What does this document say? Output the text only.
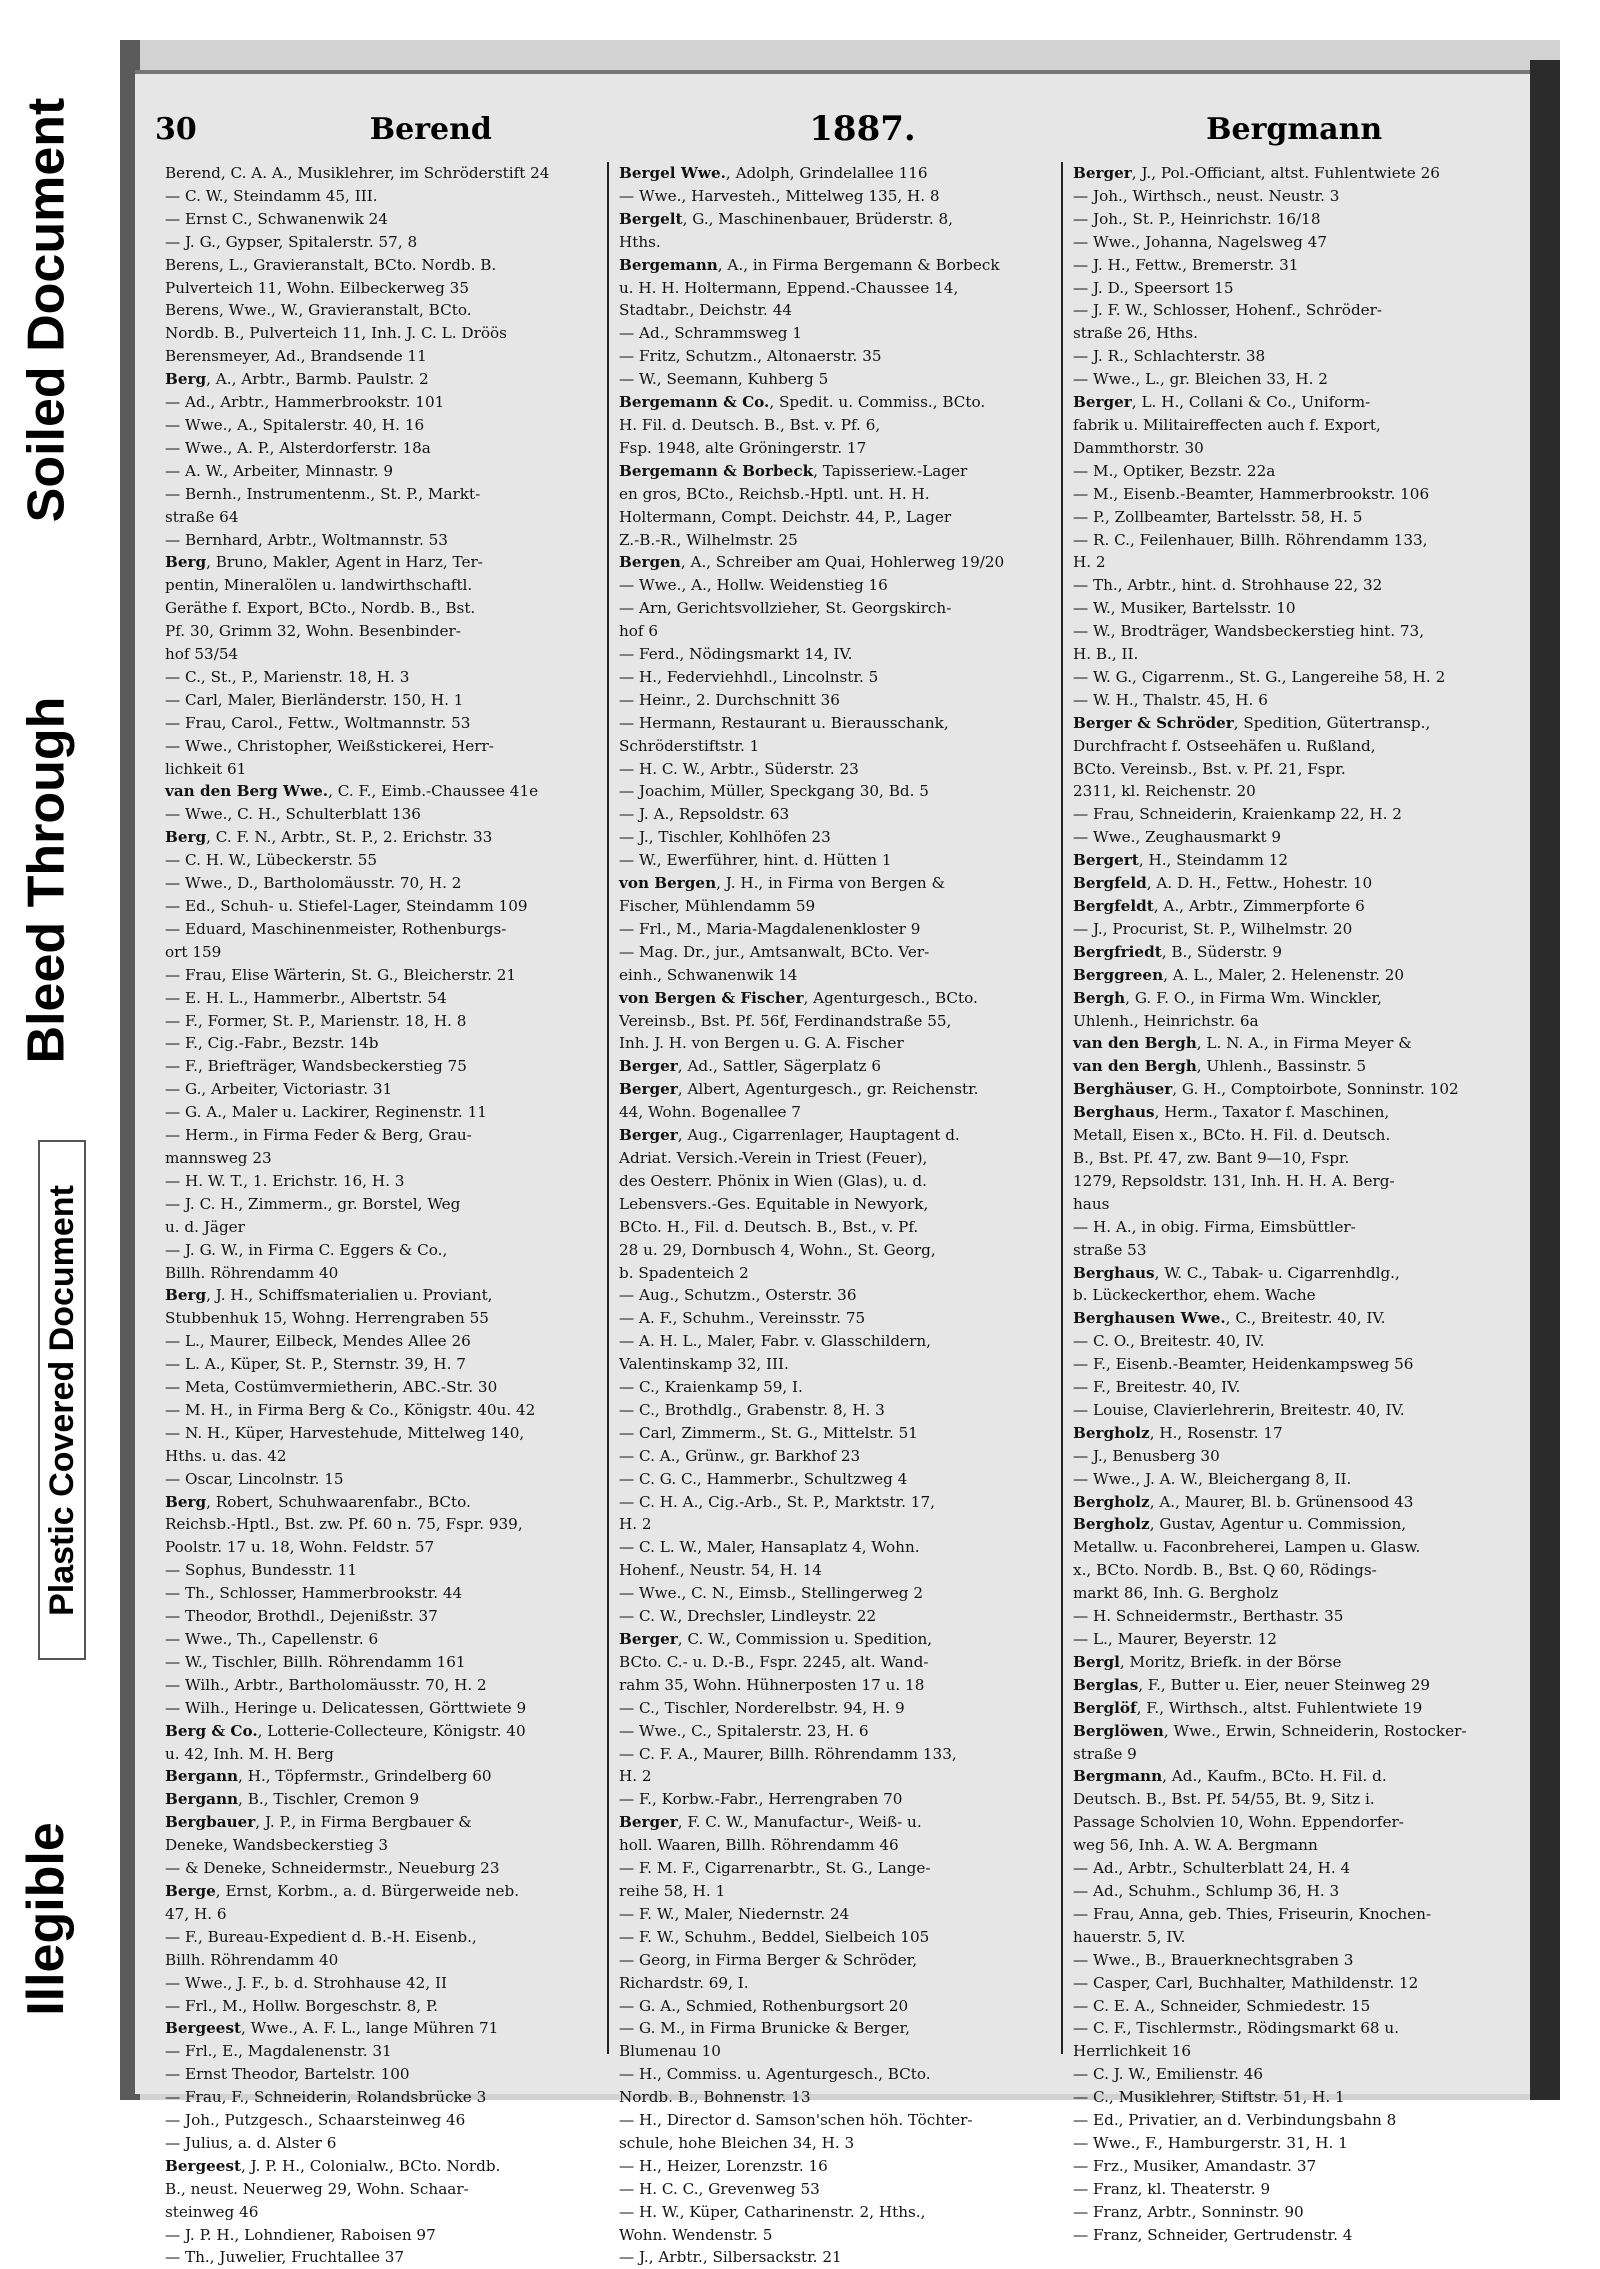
Soiled Document
Bleed Through
Plastic Covered Document
Illegible
30	Berend	1887.	Bergmann
Berend, C. A. A., Musiklehrer, im Schröderstift 24
— C. W., Steindamm 45, III.
— Ernst C., Schwanenwik 24
— J. G., Gypser, Spitalerstr. 57, 8
Berens, L., Gravieranstalt, BCto. Nordb. B.
Pulverteich 11, Wohn. Eilbeckerweg 35
Berens, Wwe., W., Gravieranstalt, BCto.
Nordb. B., Pulverteich 11, Inh. J. C. L. Dröös
Berensmeyer, Ad., Brandsende 11
Berg, A., Arbtr., Barmb. Paulstr. 2
— Ad., Arbtr., Hammerbrookstr. 101
— Wwe., A., Spitalerstr. 40, H. 16
— Wwe., A. P., Alsterdorferstr. 18a
— A. W., Arbeiter, Minnastr. 9
— Bernh., Instrumentenm., St. P., Markt-
straße 64
— Bernhard, Arbtr., Woltmannstr. 53
Berg, Bruno, Makler, Agent in Harz, Ter-
pentin, Mineralölen u. landwirthschaftl.
Geräthe f. Export, BCto., Nordb. B., Bst.
Pf. 30, Grimm 32, Wohn. Besenbinder-
hof 53/54
— C., St., P., Marienstr. 18, H. 3
— Carl, Maler, Bierländerstr. 150, H. 1
— Frau, Carol., Fettw., Woltmannstr. 53
— Wwe., Christopher, Weißstickerei, Herr-
lichkeit 61
van den Berg Wwe., C. F., Eimb.-Chaussee 41e
— Wwe., C. H., Schulterblatt 136
Berg, C. F. N., Arbtr., St. P., 2. Erichstr. 33
— C. H. W., Lübeckerstr. 55
— Wwe., D., Bartholomäusstr. 70, H. 2
— Ed., Schuh- u. Stiefel-Lager, Steindamm 109
— Eduard, Maschinenmeister, Rothenburgs-
ort 159
— Frau, Elise Wärterin, St. G., Bleicherstr. 21
— E. H. L., Hammerbr., Albertstr. 54
— F., Former, St. P., Marienstr. 18, H. 8
— F., Cig.-Fabr., Bezstr. 14b
— F., Briefträger, Wandsbeckerstieg 75
— G., Arbeiter, Victoriastr. 31
— G. A., Maler u. Lackirer, Reginenstr. 11
— Herm., in Firma Feder & Berg, Grau-
mannsweg 23
— H. W. T., 1. Erichstr. 16, H. 3
— J. C. H., Zimmerm., gr. Borstel, Weg
u. d. Jäger
— J. G. W., in Firma C. Eggers & Co.,
Billh. Röhrendamm 40
Berg, J. H., Schiffsmaterialien u. Proviant,
Stubbenhuk 15, Wohng. Herrengraben 55
— L., Maurer, Eilbeck, Mendes Allee 26
— L. A., Küper, St. P., Sternstr. 39, H. 7
— Meta, Costümvermietherin, ABC.-Str. 30
— M. H., in Firma Berg & Co., Königstr. 40u. 42
— N. H., Küper, Harvestehude, Mittelweg 140,
Hths. u. das. 42
— Oscar, Lincolnstr. 15
Berg, Robert, Schuhwaarenfabr., BCto.
Reichsb.-Hptl., Bst. zw. Pf. 60 n. 75, Fspr. 939,
Poolstr. 17 u. 18, Wohn. Feldstr. 57
— Sophus, Bundesstr. 11
— Th., Schlosser, Hammerbrookstr. 44
— Theodor, Brothdl., Dejenißstr. 37
— Wwe., Th., Capellenstr. 6
— W., Tischler, Billh. Röhrendamm 161
— Wilh., Arbtr., Bartholomäusstr. 70, H. 2
— Wilh., Heringe u. Delicatessen, Görttwiete 9
Berg & Co., Lotterie-Collecteure, Königstr. 40
u. 42, Inh. M. H. Berg
Bergann, H., Töpfermstr., Grindelberg 60
Bergann, B., Tischler, Cremon 9
Bergbauer, J. P., in Firma Bergbauer &
Deneke, Wandsbeckerstieg 3
— & Deneke, Schneidermstr., Neueburg 23
Berge, Ernst, Korbm., a. d. Bürgerweide neb.
47, H. 6
— F., Bureau-Expedient d. B.-H. Eisenb.,
Billh. Röhrendamm 40
— Wwe., J. F., b. d. Strohhause 42, II
— Frl., M., Hollw. Borgeschstr. 8, P.
Bergeest, Wwe., A. F. L., lange Mühren 71
— Frl., E., Magdalenenstr. 31
— Ernst Theodor, Bartelstr. 100
— Frau, F., Schneiderin, Rolandsbrücke 3
— Joh., Putzgesch., Schaarsteinweg 46
— Julius, a. d. Alster 6
Bergeest, J. P. H., Colonialw., BCto. Nordb.
B., neust. Neuerweg 29, Wohn. Schaar-
steinweg 46
— J. P. H., Lohndiener, Raboisen 97
— Th., Juwelier, Fruchtallee 37
Bergel Wwe., Adolph, Grindelallee 116
— Wwe., Harvestеh., Mittelweg 135, H. 8
Bergelt, G., Maschinenbauer, Brüderstr. 8,
Hths.
Bergemann, A., in Firma Bergemann & Borbeck
u. H. H. Holtermann, Eppend.-Chaussee 14,
Stadtabr., Deichstr. 44
— Ad., Schrammsweg 1
— Fritz, Schutzm., Altonaerstr. 35
— W., Seemann, Kuhberg 5
Bergemann & Co., Spedit. u. Commiss., BCto.
H. Fil. d. Deutsch. B., Bst. v. Pf. 6,
Fsp. 1948, alte Gröningerstr. 17
Bergemann & Borbeck, Tapisseriew.-Lager
en gros, BCto., Reichsb.-Hptl. unt. H. H.
Holtermann, Compt. Deichstr. 44, P., Lager
Z.-B.-R., Wilhelmstr. 25
Bergen, A., Schreiber am Quai, Hohlerweg 19/20
— Wwe., A., Hollw. Weidenstieg 16
— Arn, Gerichtsvollzieher, St. Georgskirch-
hof 6
— Ferd., Nödingsmarkt 14, IV.
— H., Federviehhdl., Lincolnstr. 5
— Heinr., 2. Durchschnitt 36
— Hermann, Restaurant u. Bierausschank,
Schröderstiftstr. 1
— H. C. W., Arbtr., Süderstr. 23
— Joachim, Müller, Speckgang 30, Bd. 5
— J. A., Repsoldstr. 63
— J., Tischler, Kohlhöfen 23
— W., Ewerführer, hint. d. Hütten 1
von Bergen, J. H., in Firma von Bergen &
Fischer, Mühlendamm 59
— Frl., M., Maria-Magdalenenkloster 9
— Mag. Dr., jur., Amtsanwalt, BCto. Ver-
einh., Schwanenwik 14
von Bergen & Fischer, Agenturgesch., BCto.
Vereinsb., Bst. Pf. 56f, Ferdinandstraße 55,
Inh. J. H. von Bergen u. G. A. Fischer
Berger, Ad., Sattler, Sägerplatz 6
Berger, Albert, Agenturgesch., gr. Reichenstr.
44, Wohn. Bogenallee 7
Berger, Aug., Cigarrenlager, Hauptagent d.
Adriat. Versich.-Verein in Triest (Feuer),
des Oesterr. Phönix in Wien (Glas), u. d.
Lebensvers.-Ges. Equitable in Newyork,
BCto. H., Fil. d. Deutsch. B., Bst., v. Pf.
28 u. 29, Dornbusch 4, Wohn., St. Georg,
b. Spadenteich 2
— Aug., Schutzm., Osterstr. 36
— A. F., Schuhm., Vereinsstr. 75
— A. H. L., Maler, Fabr. v. Glasschildern,
Valentinskamp 32, III.
— C., Kraienkamp 59, I.
— C., Brothdlg., Grabenstr. 8, H. 3
— Carl, Zimmerm., St. G., Mittelstr. 51
— C. A., Grünw., gr. Barkhof 23
— C. G. C., Hammerbr., Schultzweg 4
— C. H. A., Cig.-Arb., St. P., Marktstr. 17,
H. 2
— C. L. W., Maler, Hansaplatz 4, Wohn.
Hohenf., Neustr. 54, H. 14
— Wwe., C. N., Eimsb., Stellingerweg 2
— C. W., Drechsler, Lindleystr. 22
Berger, C. W., Commission u. Spedition,
BCto. C.- u. D.-B., Fspr. 2245, alt. Wand-
rahm 35, Wohn. Hühnerposten 17 u. 18
— C., Tischler, Norderelbstr. 94, H. 9
— Wwe., C., Spitalerstr. 23, H. 6
— C. F. A., Maurer, Billh. Röhrendamm 133,
H. 2
— F., Korbw.-Fabr., Herrengraben 70
Berger, F. C. W., Manufactur-, Weiß- u.
holl. Waaren, Billh. Röhrendamm 46
— F. M. F., Cigarrenarbtr., St. G., Lange-
reihe 58, H. 1
— F. W., Maler, Niedernstr. 24
— F. W., Schuhm., Beddel, Sielbeich 105
— Georg, in Firma Berger & Schröder,
Richardstr. 69, I.
— G. A., Schmied, Rothenburgsort 20
— G. M., in Firma Brunicke & Berger,
Blumenau 10
— H., Commiss. u. Agenturgesch., BCto.
Nordb. B., Bohnenstr. 13
— H., Director d. Samson'schen höh. Töchter-
schule, hohe Bleichen 34, H. 3
— H., Heizer, Lorenzstr. 16
— H. C. C., Grevenweg 53
— H. W., Küper, Catharinenstr. 2, Hths.,
Wohn. Wendenstr. 5
— J., Arbtr., Silbersackstr. 21
Berger, J., Pol.-Officiant, altst. Fuhlentwiete 26
— Joh., Wirthsch., neust. Neustr. 3
— Joh., St. P., Heinrichstr. 16/18
— Wwe., Johanna, Nagelsweg 47
— J. H., Fettw., Bremerstr. 31
— J. D., Speersort 15
— J. F. W., Schlosser, Hohenf., Schröder-
straße 26, Hths.
— J. R., Schlachterstr. 38
— Wwe., L., gr. Bleichen 33, H. 2
Berger, L. H., Collani & Co., Uniform-
fabrik u. Militaireffecten auch f. Export,
Dammthorstr. 30
— M., Optiker, Bezstr. 22a
— M., Eisenb.-Beamter, Hammerbrookstr. 106
— P., Zollbeamter, Bartelsstr. 58, H. 5
— R. C., Feilenhauer, Billh. Röhrendamm 133,
H. 2
— Th., Arbtr., hint. d. Strohhause 22, 32
— W., Musiker, Bartelsstr. 10
— W., Brodträger, Wandsbeckerstieg hint. 73,
H. B., II.
— W. G., Cigarrenm., St. G., Langereihe 58, H. 2
— W. H., Thalstr. 45, H. 6
Berger & Schröder, Spedition, Gütertransp.,
Durchfracht f. Ostseehäfen u. Rußland,
BCto. Vereinsb., Bst. v. Pf. 21, Fspr.
2311, kl. Reichenstr. 20
— Frau, Schneiderin, Kraienkamp 22, H. 2
— Wwe., Zeughausmarkt 9
Bergert, H., Steindamm 12
Bergfeld, A. D. H., Fettw., Hohestr. 10
Bergfeldt, A., Arbtr., Zimmerpforte 6
— J., Procurist, St. P., Wilhelmstr. 20
Bergfriedt, B., Süderstr. 9
Berggreen, A. L., Maler, 2. Helenenstr. 20
Bergh, G. F. O., in Firma Wm. Winckler,
Uhlenh., Heinrichstr. 6a
van den Bergh, L. N. A., in Firma Meyer &
van den Bergh, Uhlenh., Bassinstr. 5
Berghäuser, G. H., Comptoirbote, Sonninstr. 102
Berghaus, Herm., Taxator f. Maschinen,
Metall, Eisen x., BCto. H. Fil. d. Deutsch.
B., Bst. Pf. 47, zw. Bant 9—10, Fspr.
1279, Repsoldstr. 131, Inh. H. H. A. Berg-
haus
— H. A., in obig. Firma, Eimsbüttler-
straße 53
Berghaus, W. C., Tabak- u. Cigarrenhdlg.,
b. Lückeckerthor, ehem. Wache
Berghausen Wwe., C., Breitestr. 40, IV.
— C. O., Breitestr. 40, IV.
— F., Eisenb.-Beamter, Heidenkampsweg 56
— F., Breitestr. 40, IV.
— Louise, Clavierlehrerin, Breitestr. 40, IV.
Bergholz, H., Rosenstr. 17
— J., Benusberg 30
— Wwe., J. A. W., Bleichergang 8, II.
Bergholz, A., Maurer, Bl. b. Grünensood 43
Bergholz, Gustav, Agentur u. Commission,
Metallw. u. Faconbreherei, Lampen u. Glasw.
x., BCto. Nordb. B., Bst. Q 60, Rödings-
markt 86, Inh. G. Bergholz
— H. Schneidermstr., Berthastr. 35
— L., Maurer, Beyerstr. 12
Bergl, Moritz, Briefk. in der Börse
Berglas, F., Butter u. Eier, neuer Steinweg 29
Berglöf, F., Wirthsch., altst. Fuhlentwiete 19
Berglöwen, Wwe., Erwin, Schneiderin, Rostocker-
straße 9
Bergmann, Ad., Kaufm., BCto. H. Fil. d.
Deutsch. B., Bst. Pf. 54/55, Bt. 9, Sitz i.
Passage Scholvien 10, Wohn. Eppendorfer-
weg 56, Inh. A. W. A. Bergmann
— Ad., Arbtr., Schulterblatt 24, H. 4
— Ad., Schuhm., Schlump 36, H. 3
— Frau, Anna, geb. Thies, Friseurin, Knochen-
hauerstr. 5, IV.
— Wwe., B., Brauerknechtsgraben 3
— Casper, Carl, Buchhalter, Mathildenstr. 12
— C. E. A., Schneider, Schmiedestr. 15
— C. F., Tischlermstr., Rödingsmarkt 68 u.
Herrlichkeit 16
— C. J. W., Emilienstr. 46
— C., Musiklehrer, Stiftstr. 51, H. 1
— Ed., Privatier, an d. Verbindungsbahn 8
— Wwe., F., Hamburgerstr. 31, H. 1
— Frz., Musiker, Amandastr. 37
— Franz, kl. Theaterstr. 9
— Franz, Arbtr., Sonninstr. 90
— Franz, Schneider, Gertrudenstr. 4
